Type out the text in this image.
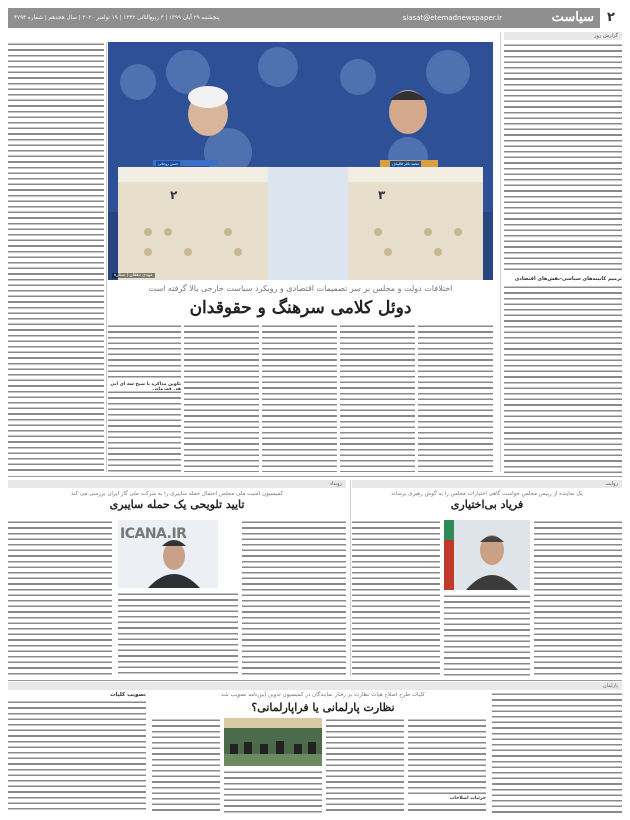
۲
سیاست
siasat@etemadnewspaper.ir
پنجشنبه ۲۹ آبان ۱۳۹۹ | ۳ ربیع‌الثانی ۱۴۴۲ | ۱۹ نوامبر ۲۰۲۰ | سال هجدهم | شماره ۴۷۹۴
گزارش روز
ترمیم کابینه‌های سیاسی-نقش‌های اقتصادی
۳
۲
محمد باقر قالیباف
حسن روحانی
مهدی دهقان | ستاره
اختلافات دولت و مجلس بر سر تصمیمات اقتصادی و رویکرد سیاست خارجی بالا گرفته است
دوئل کلامی سرهنگ و حقوقدان
تکوین مذاکره با شیخ سه ای ابی
روایت
یک نماینده از رییس مجلس خواست گاهی اختیارات مجلس را به گوش رهبری برساند
فریاد بی‌اختیاری
رویداد
کمیسیون امنیت ملی مجلس احتمال حمله سایبری را به شرکت ملی گاز ایران بررسی می کند
تایید تلویحی یک حمله سایبری
ICANA.IR
پارلمان
کلیات طرح اصلاح هیات نظارت بر رفتار نمایندگان در کمیسیون تدوین آیین‌نامه تصویب شد
نظارت پارلمانی یا فراپارلمانی؟
جزئیات اصلاحات
تصویب کلیات
